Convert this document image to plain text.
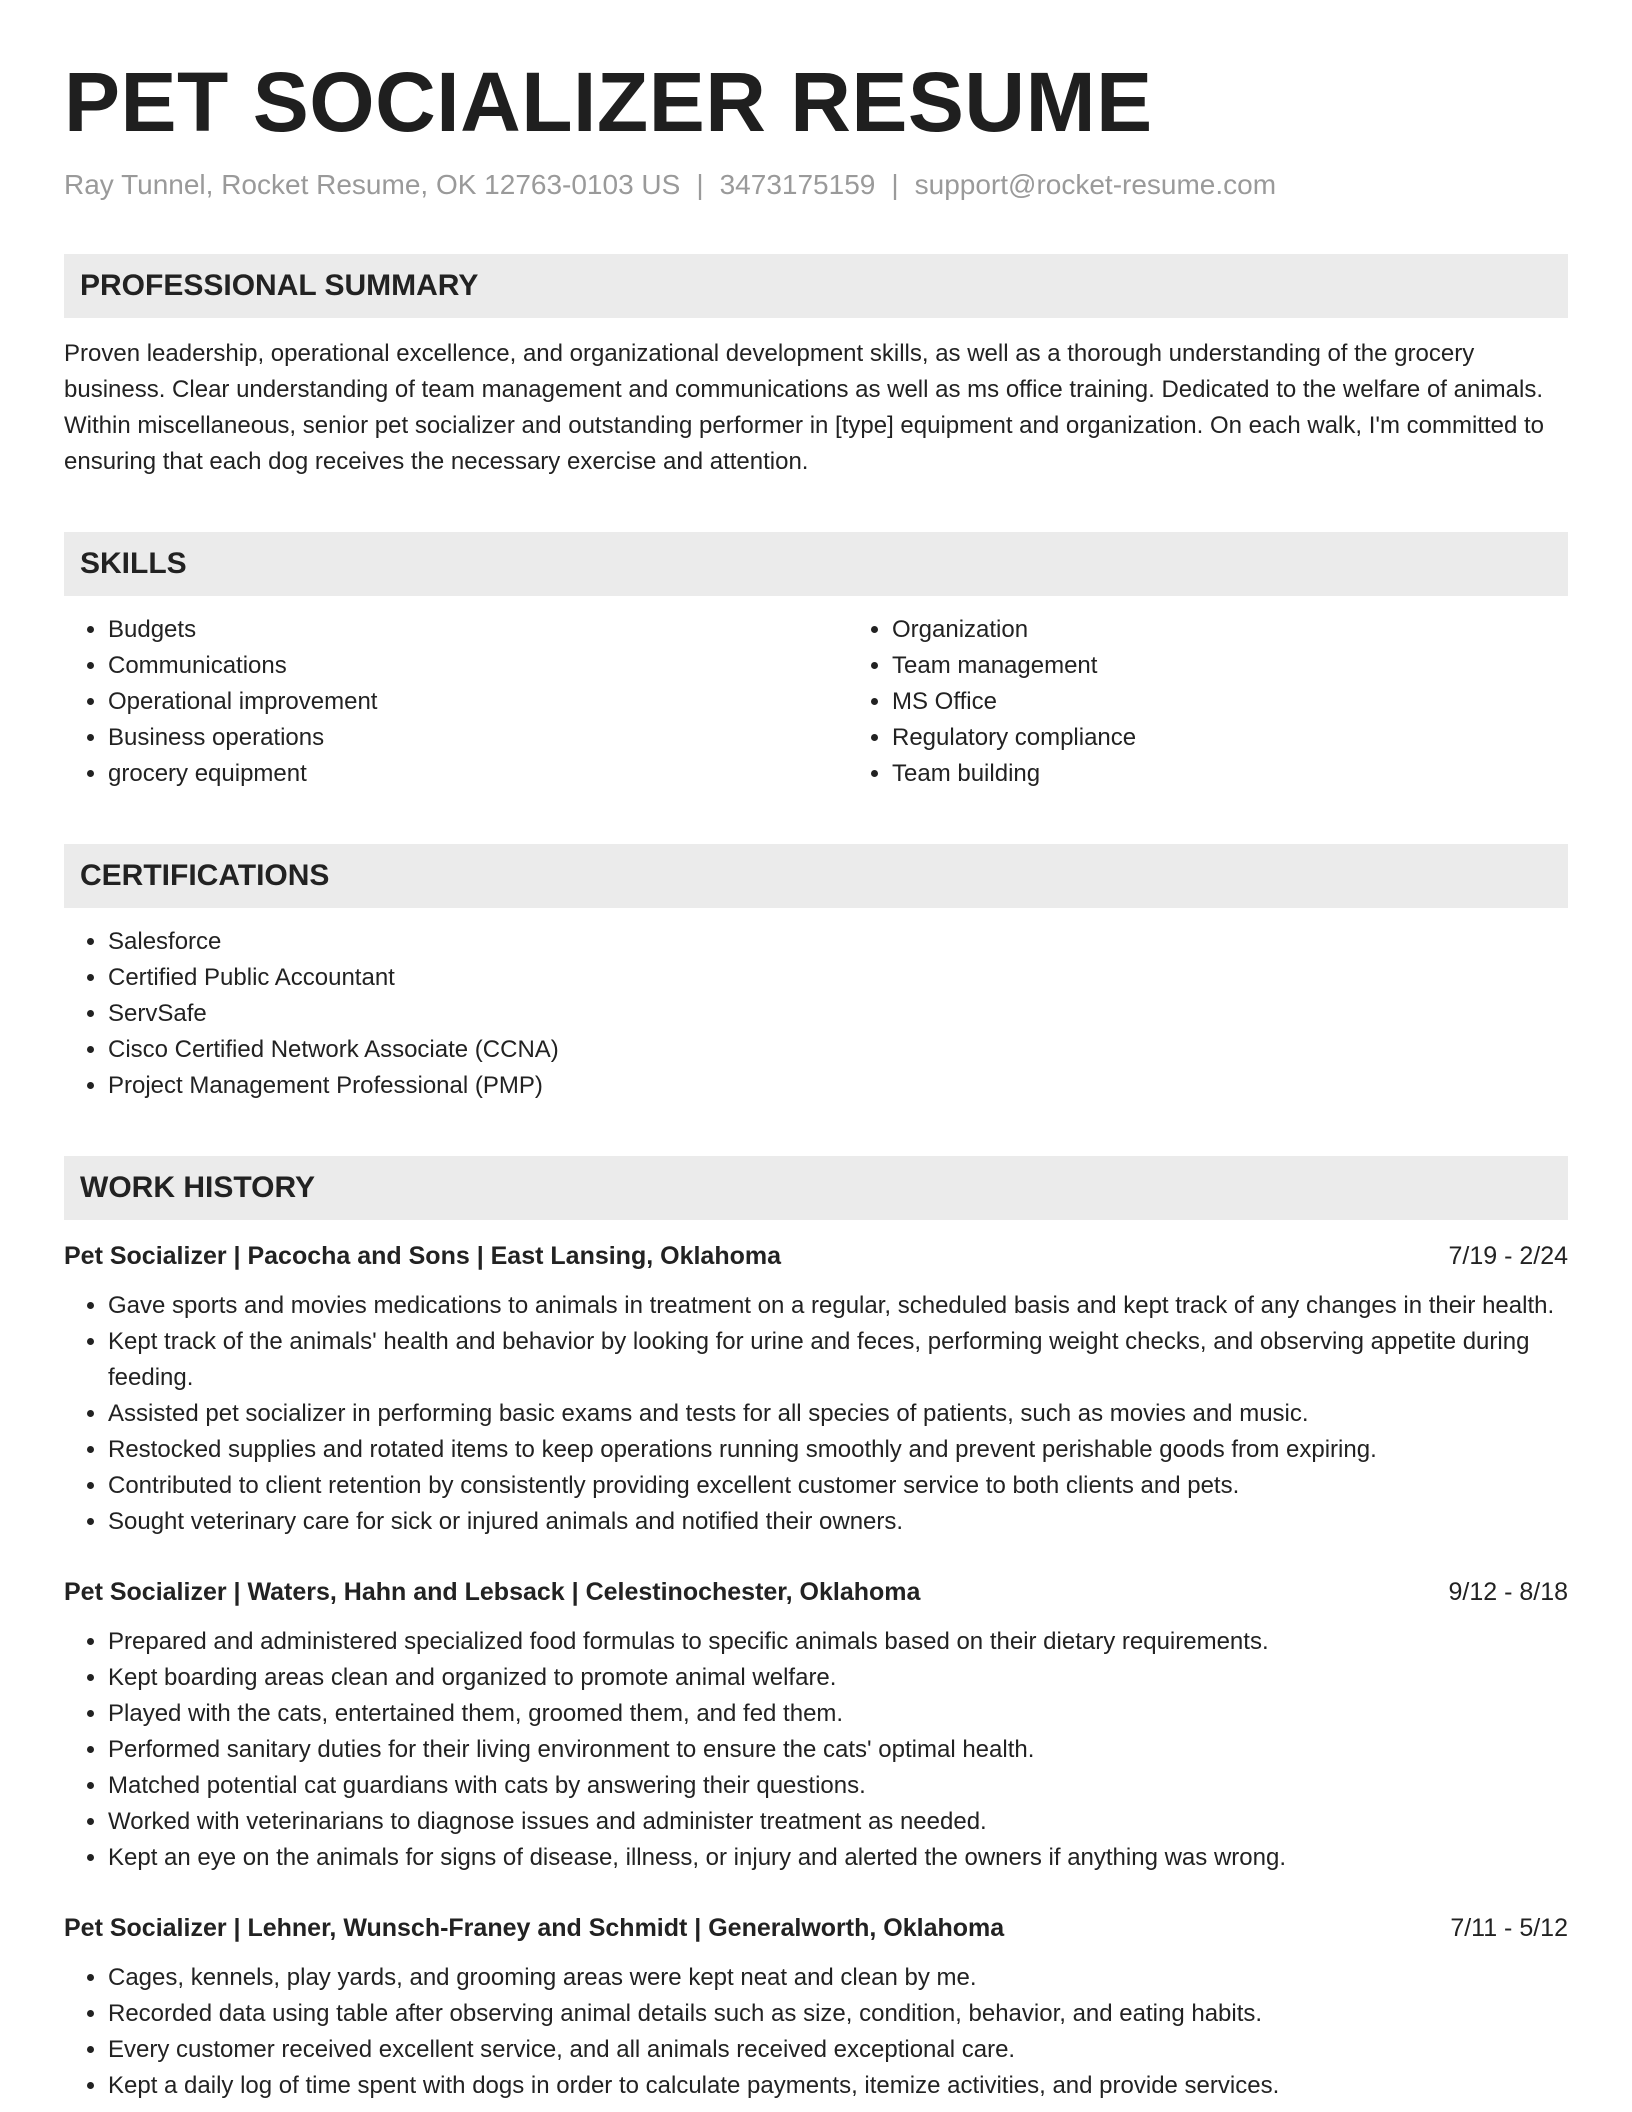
PET SOCIALIZER RESUME
Ray Tunnel, Rocket Resume, OK 12763-0103 US | 3473175159 | support@rocket-resume.com
PROFESSIONAL SUMMARY

Proven leadership, operational excellence, and organizational development skills, as well as a thorough understanding of the grocery business. Clear understanding of team management and communications as well as ms office training. Dedicated to the welfare of animals. Within miscellaneous, senior pet socializer and outstanding performer in [type] equipment and organization. On each walk, I'm committed to ensuring that each dog receives the necessary exercise and attention.

SKILLS
• Budgets
• Communications
• Operational improvement
• Business operations
• grocery equipment
• Organization
• Team management
• MS Office
• Regulatory compliance
• Team building
CERTIFICATIONS
• Salesforce
• Certified Public Accountant
• ServSafe
• Cisco Certified Network Associate (CCNA)
• Project Management Professional (PMP)
WORK HISTORY
Pet Socializer | Pacocha and Sons | East Lansing, Oklahoma	7/19 - 2/24
• Gave sports and movies medications to animals in treatment on a regular, scheduled basis and kept track of any changes in their health.
• Kept track of the animals' health and behavior by looking for urine and feces, performing weight checks, and observing appetite during feeding.
• Assisted pet socializer in performing basic exams and tests for all species of patients, such as movies and music.
• Restocked supplies and rotated items to keep operations running smoothly and prevent perishable goods from expiring.
• Contributed to client retention by consistently providing excellent customer service to both clients and pets.
• Sought veterinary care for sick or injured animals and notified their owners.
Pet Socializer | Waters, Hahn and Lebsack | Celestinochester, Oklahoma	9/12 - 8/18
• Prepared and administered specialized food formulas to specific animals based on their dietary requirements.
• Kept boarding areas clean and organized to promote animal welfare.
• Played with the cats, entertained them, groomed them, and fed them.
• Performed sanitary duties for their living environment to ensure the cats' optimal health.
• Matched potential cat guardians with cats by answering their questions.
• Worked with veterinarians to diagnose issues and administer treatment as needed.
• Kept an eye on the animals for signs of disease, illness, or injury and alerted the owners if anything was wrong.
Pet Socializer | Lehner, Wunsch-Franey and Schmidt | Generalworth, Oklahoma	7/11 - 5/12
• Cages, kennels, play yards, and grooming areas were kept neat and clean by me.
• Recorded data using table after observing animal details such as size, condition, behavior, and eating habits.
• Every customer received excellent service, and all animals received exceptional care.
• Kept a daily log of time spent with dogs in order to calculate payments, itemize activities, and provide services.
